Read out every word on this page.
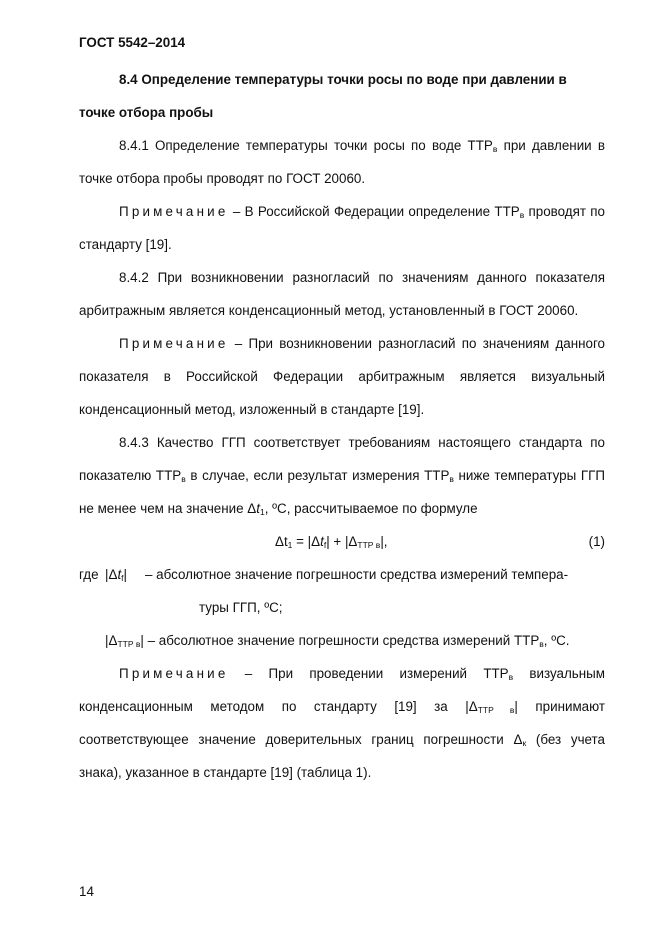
ГОСТ 5542–2014

8.4 Определение температуры точки росы по воде при давлении в
точке отбора пробы

8.4.1 Определение температуры точки росы по воде $ТТР_в$ при давлении в точке отбора пробы проводят по ГОСТ 20060.

Примечание – В Российской Федерации определение $ТТР_в$ проводят по стандарту [19].

8.4.2 При возникновении разногласий по значениям данного показателя арбитражным является конденсационный метод, установленный в ГОСТ 20060.

Примечание – При возникновении разногласий по значениям данного показателя в Российской Федерации арбитражным является визуальный конденсационный метод, изложенный в стандарте [19].

8.4.3 Качество ГГП соответствует требованиям настоящего стандарта по показателю $ТТР_в$ в случае, если результат измерения $ТТР_в$ ниже температуры ГГП не менее чем на значение $\Delta t_1$, ºС, рассчитываемое по формуле

$\Delta t_1 = |\Delta t_f| + |\Delta_{ТТР в}|$,	(1)
где $|\Delta t_f|$	– абсолютное значение погрешности средства измерений темпера-

туры ГГП, ºС;

$|\Delta_{ТТР в}|$ – абсолютное значение погрешности средства измерений $ТТР_в$, ºС.

Примечание – При проведении измерений $ТТР_в$ визуальным конденсационным методом по стандарту [19] за $|\Delta_{ТТР в}|$ принимают соответствующее значение доверительных границ погрешности $\Delta_к$ (без учета знака), указанное в стандарте [19] (таблица 1).

14
